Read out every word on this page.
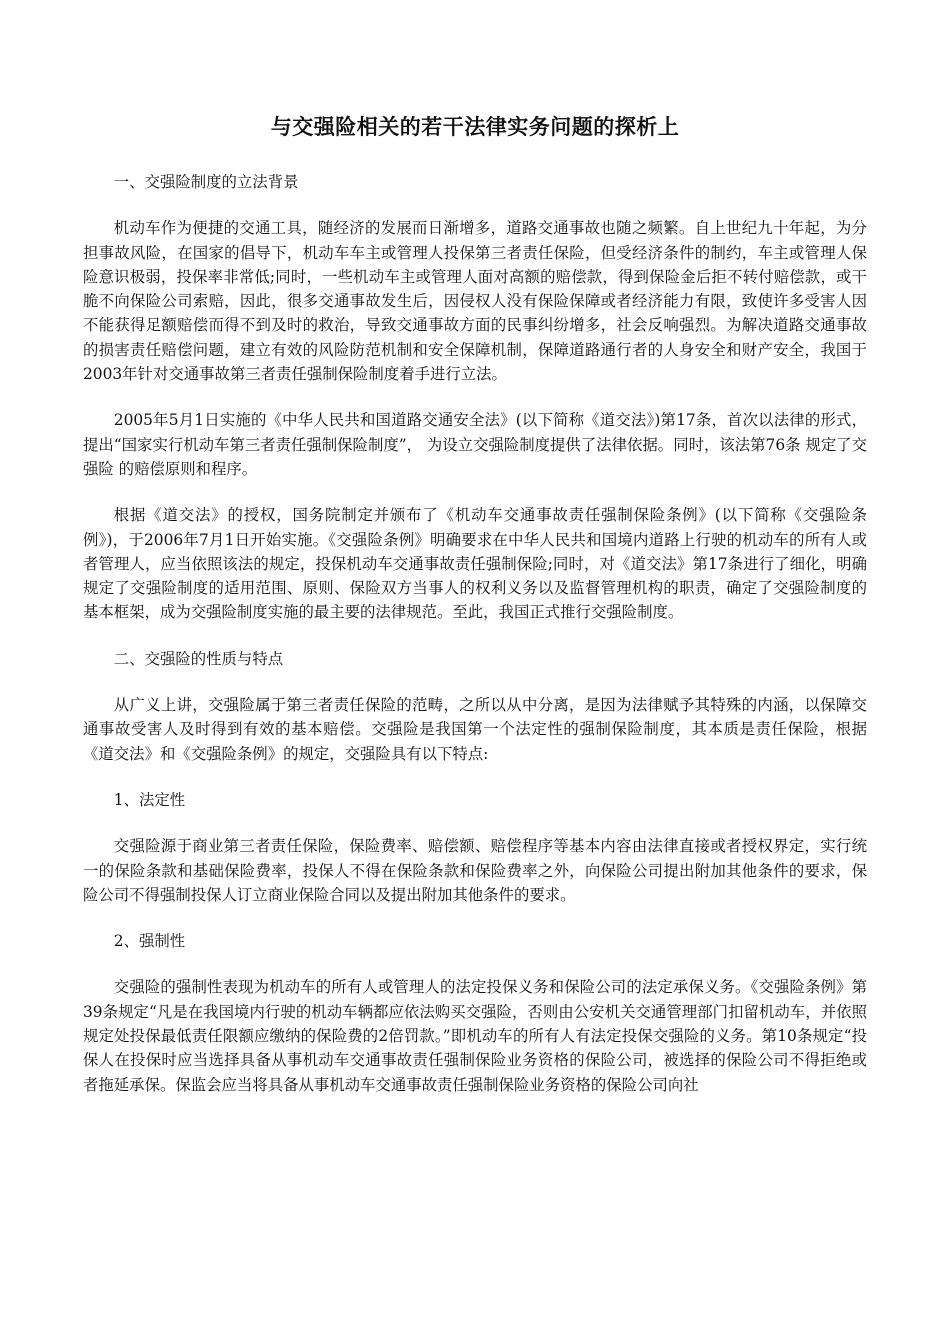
与交强险相关的若干法律实务问题的探析上

一、交强险制度的立法背景

机动车作为便捷的交通工具，随经济的发展而日渐增多，道路交通事故也随之频繁。自上世纪九十年起，为分担事故风险，在国家的倡导下，机动车车主或管理人投保第三者责任保险，但受经济条件的制约，车主或管理人保险意识极弱，投保率非常低;同时，一些机动车主或管理人面对高额的赔偿款，得到保险金后拒不转付赔偿款，或干脆不向保险公司索赔，因此，很多交通事故发生后，因侵权人没有保险保障或者经济能力有限，致使许多受害人因不能获得足额赔偿而得不到及时的救治，导致交通事故方面的民事纠纷增多，社会反响强烈。为解决道路交通事故的损害责任赔偿问题，建立有效的风险防范机制和安全保障机制，保障道路通行者的人身安全和财产安全，我国于2003年针对交通事故第三者责任强制保险制度着手进行立法。

2005年5月1日实施的《中华人民共和国道路交通安全法》(以下简称《道交法》)第17条，首次以法律的形式，提出“国家实行机动车第三者责任强制保险制度”， 为设立交强险制度提供了法律依据。同时，该法第76条 规定了交强险 的赔偿原则和程序。

根据《道交法》的授权，国务院制定并颁布了《机动车交通事故责任强制保险条例》(以下简称《交强险条例》)，于2006年7月1日开始实施。《交强险条例》明确要求在中华人民共和国境内道路上行驶的机动车的所有人或者管理人，应当依照该法的规定，投保机动车交通事故责任强制保险;同时，对《道交法》第17条进行了细化，明确规定了交强险制度的适用范围、原则、保险双方当事人的权利义务以及监督管理机构的职责，确定了交强险制度的基本框架，成为交强险制度实施的最主要的法律规范。至此，我国正式推行交强险制度。

二、交强险的性质与特点

从广义上讲，交强险属于第三者责任保险的范畴，之所以从中分离，是因为法律赋予其特殊的内涵，以保障交通事故受害人及时得到有效的基本赔偿。交强险是我国第一个法定性的强制保险制度，其本质是责任保险，根据《道交法》和《交强险条例》的规定，交强险具有以下特点:

1、法定性

交强险源于商业第三者责任保险，保险费率、赔偿额、赔偿程序等基本内容由法律直接或者授权界定，实行统一的保险条款和基础保险费率，投保人不得在保险条款和保险费率之外，向保险公司提出附加其他条件的要求，保险公司不得强制投保人订立商业保险合同以及提出附加其他条件的要求。

2、强制性

交强险的强制性表现为机动车的所有人或管理人的法定投保义务和保险公司的法定承保义务。《交强险条例》第39条规定“凡是在我国境内行驶的机动车辆都应依法购买交强险，否则由公安机关交通管理部门扣留机动车，并依照规定处投保最低责任限额应缴纳的保险费的2倍罚款。”即机动车的所有人有法定投保交强险的义务。第10条规定“投保人在投保时应当选择具备从事机动车交通事故责任强制保险业务资格的保险公司，被选择的保险公司不得拒绝或者拖延承保。保监会应当将具备从事机动车交通事故责任强制保险业务资格的保险公司向社
